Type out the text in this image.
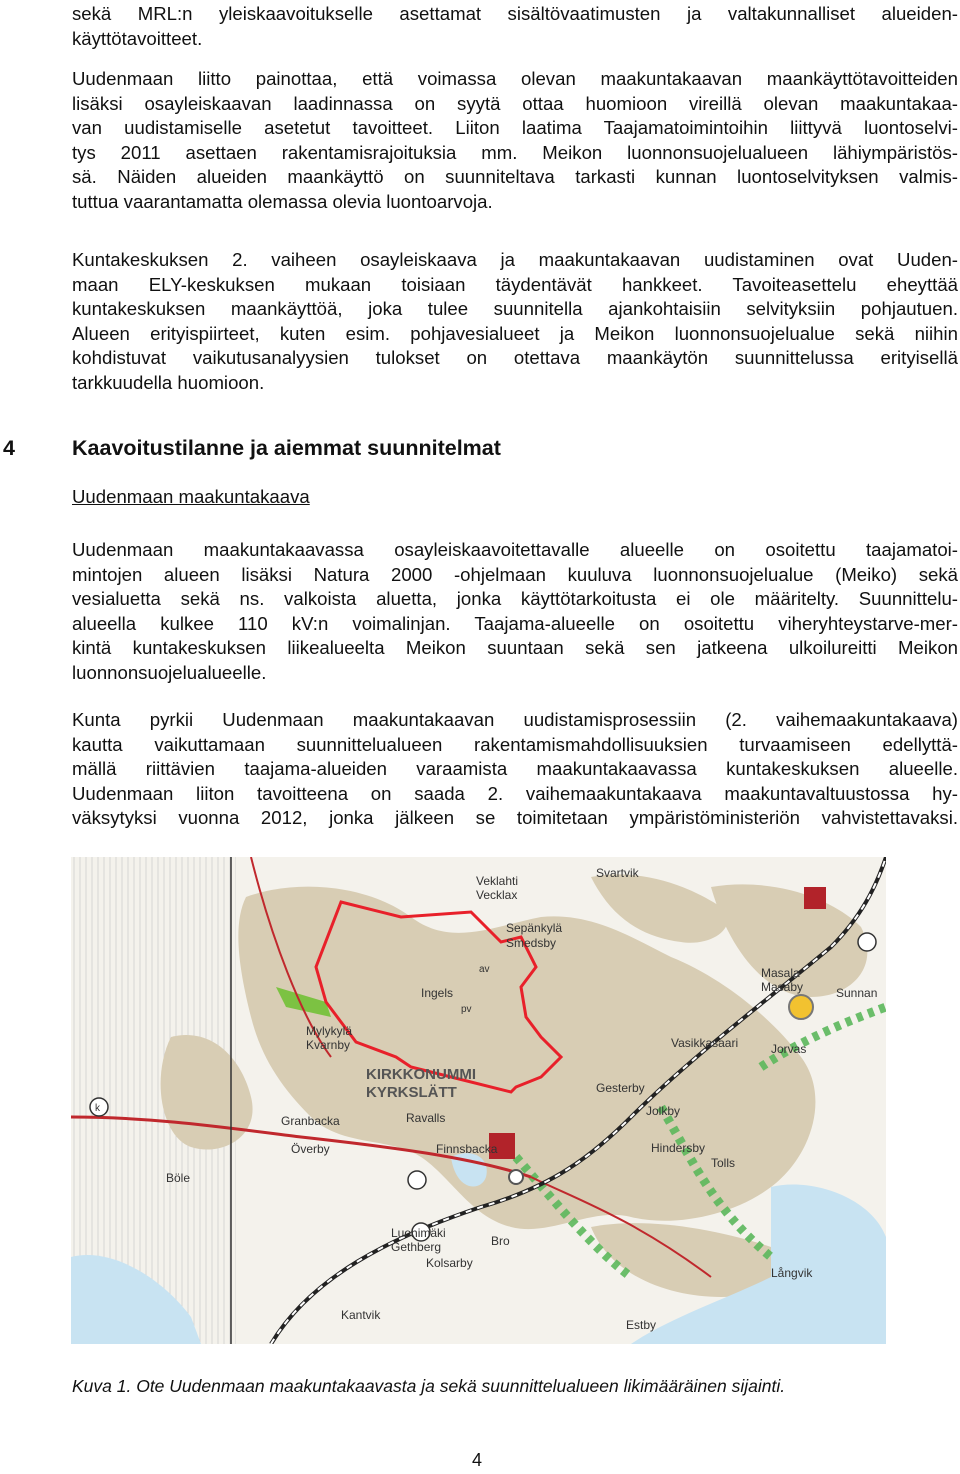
sekä MRL:n yleiskaavoitukselle asettamat sisältövaatimusten ja valtakunnalliset alueiden-
käyttötavoitteet.
Uudenmaan liitto painottaa, että voimassa olevan maakuntakaavan maankäyttötavoitteiden
lisäksi osayleiskaavan laadinnassa on syytä ottaa huomioon vireillä olevan maakuntakaa-
van uudistamiselle asetetut tavoitteet. Liiton laatima Taajamatoimintoihin liittyvä luontoselvi-
tys 2011 asettaen rakentamisrajoituksia mm. Meikon luonnonsuojelualueen lähiympäristös-
sä. Näiden alueiden maankäyttö on suunniteltava tarkasti kunnan luontoselvityksen valmis-
tuttua vaarantamatta olemassa olevia luontoarvoja.
Kuntakeskuksen 2. vaiheen osayleiskaava ja maakuntakaavan uudistaminen ovat Uuden-
maan ELY-keskuksen mukaan toisiaan täydentävät hankkeet. Tavoiteasettelu eheyttää
kuntakeskuksen maankäyttöä, joka tulee suunnitella ajankohtaisiin selvityksiin pohjautuen.
Alueen erityispiirteet, kuten esim. pohjavesialueet ja Meikon luonnonsuojelualue sekä niihin
kohdistuvat vaikutusanalyysien tulokset on otettava maankäytön suunnittelussa erityisellä
tarkkuudella huomioon.
4	Kaavoitustilanne ja aiemmat suunnitelmat
Uudenmaan maakuntakaava
Uudenmaan maakuntakaavassa osayleiskaavoitettavalle alueelle on osoitettu taajamatoi-
mintojen alueen lisäksi Natura 2000 -ohjelmaan kuuluva luonnonsuojelualue (Meiko) sekä
vesialuetta sekä ns. valkoista aluetta, jonka käyttötarkoitusta ei ole määritelty. Suunnittelu-
alueella kulkee 110 kV:n voimalinjan. Taajama-alueelle on osoitettu viheryhteystarve-mer-
kintä kuntakeskuksen liikealueelta Meikon suuntaan sekä sen jatkeena ulkoilureitti Meikon
luonnonsuojelualueelle.
Kunta pyrkii Uudenmaan maakuntakaavan uudistamisprosessiin (2. vaihemaakuntakaava)
kautta vaikuttamaan suunnittelualueen rakentamismahdollisuuksien turvaamiseen edellyttä-
mällä riittävien taajama-alueiden varaamista maakuntakaavassa kuntakeskuksen alueelle.
Uudenmaan liiton tavoitteena on saada 2. vaihemaakuntakaava maakuntavaltuustossa hy-
väksytyksi vuonna 2012, jonka jälkeen se toimitetaan ympäristöministeriön vahvistettavaksi.
Veklahti
Svartvik
Vecklax
Sepänkylä
Smedsby
Ingels
Masala
Masaby	Sunnan
Vasikkasaari	Jorvas
Mylykylä
Kvarnby
KIRKKONUMMI
KYRKSLÄTT
Ravalls
Gesterby
Jolkby
Hindersby
Granbacka
Överby	Finnsbacka
Tolls
Böle
Luohimäki
Gethberg	Bro
Kolsarby
Kantvik
Långvik
Estby
av
pv
k
Kuva 1. Ote Uudenmaan maakuntakaavasta ja sekä suunnittelualueen likimääräinen sijainti.
4
